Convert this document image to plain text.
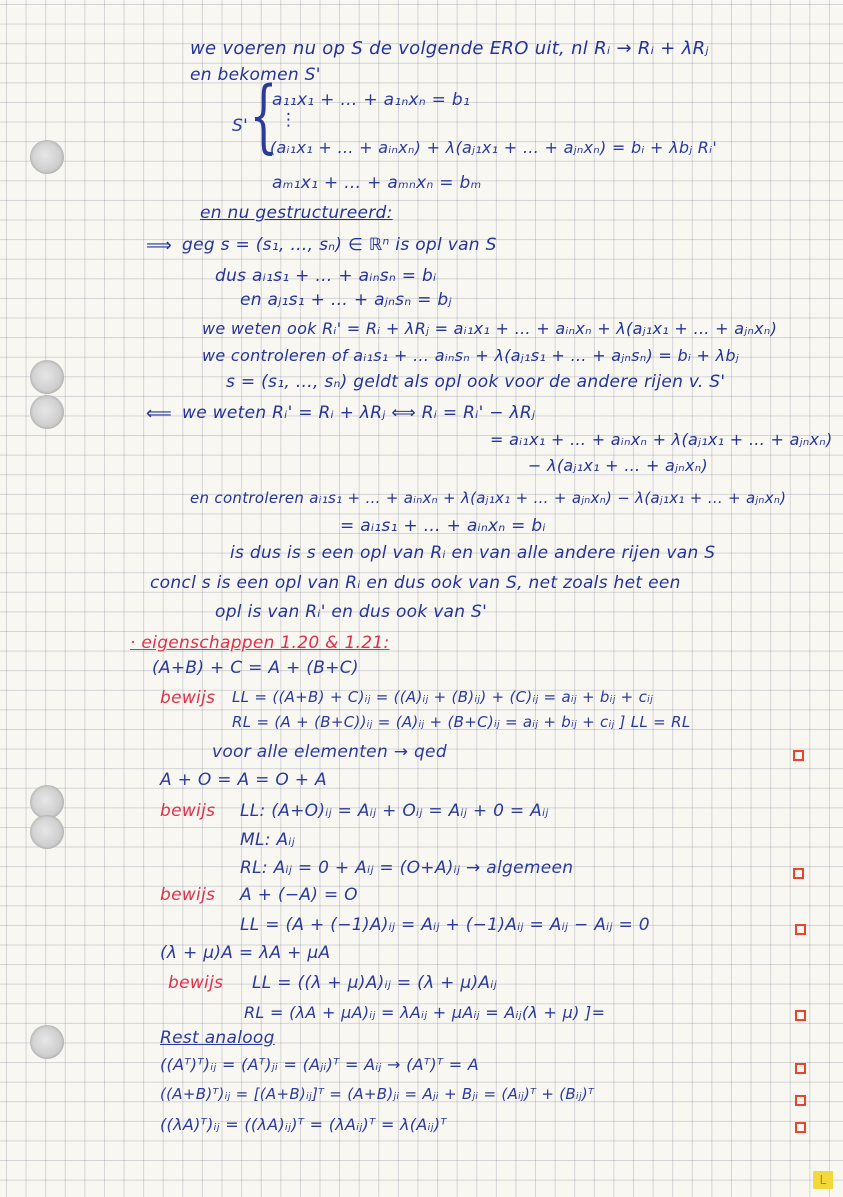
we voeren nu op S de volgende ERO uit, nl Rᵢ → Rᵢ + λRⱼ
en bekomen S'
S' {
a₁₁x₁ + … + a₁ₙxₙ = b₁
⋮
(aᵢ₁x₁ + … + aᵢₙxₙ) + λ(aⱼ₁x₁ + … + aⱼₙxₙ) = bᵢ + λbⱼ Rᵢ'
aₘ₁x₁ + … + aₘₙxₙ = bₘ
en nu gestructureerd:
⟹ geg s = (s₁, …, sₙ) ∈ ℝⁿ is opl van S
dus aᵢ₁s₁ + … + aᵢₙsₙ = bᵢ
en aⱼ₁s₁ + … + aⱼₙsₙ = bⱼ
we weten ook Rᵢ' = Rᵢ + λRⱼ = aᵢ₁x₁ + … + aᵢₙxₙ + λ(aⱼ₁x₁ + … + aⱼₙxₙ)
we controleren of aᵢ₁s₁ + … aᵢₙsₙ + λ(aⱼ₁s₁ + … + aⱼₙsₙ) = bᵢ + λbⱼ
s = (s₁, …, sₙ) geldt als opl ook voor de andere rijen v. S'
⟸ we weten Rᵢ' = Rᵢ + λRⱼ ⟺ Rᵢ = Rᵢ' − λRⱼ
= aᵢ₁x₁ + … + aᵢₙxₙ + λ(aⱼ₁x₁ + … + aⱼₙxₙ)
− λ(aⱼ₁x₁ + … + aⱼₙxₙ)
en controleren aᵢ₁s₁ + … + aᵢₙxₙ + λ(aⱼ₁x₁ + … + aⱼₙxₙ) − λ(aⱼ₁x₁ + … + aⱼₙxₙ)
= aᵢ₁s₁ + … + aᵢₙxₙ = bᵢ
is dus is s een opl van Rᵢ en van alle andere rijen van S
concl s is een opl van Rᵢ en dus ook van S, net zoals het een
opl is van Rᵢ' en dus ook van S'
· eigenschappen 1.20 & 1.21:
(A+B) + C = A + (B+C)
bewijs LL = ((A+B) + C)ᵢⱼ = ((A)ᵢⱼ + (B)ᵢⱼ) + (C)ᵢⱼ = aᵢⱼ + bᵢⱼ + cᵢⱼ
RL = (A + (B+C))ᵢⱼ = (A)ᵢⱼ + (B+C)ᵢⱼ = aᵢⱼ + bᵢⱼ + cᵢⱼ ] LL = RL
voor alle elementen → qed
A + O = A = O + A
bewijs LL: (A+O)ᵢⱼ = Aᵢⱼ + Oᵢⱼ = Aᵢⱼ + 0 = Aᵢⱼ
ML: Aᵢⱼ
RL: Aᵢⱼ = 0 + Aᵢⱼ = (O+A)ᵢⱼ → algemeen
bewijs A + (−A) = O
LL = (A + (−1)A)ᵢⱼ = Aᵢⱼ + (−1)Aᵢⱼ = Aᵢⱼ − Aᵢⱼ = 0
(λ + μ)A = λA + μA
bewijs LL = ((λ + μ)A)ᵢⱼ = (λ + μ)Aᵢⱼ
RL = (λA + μA)ᵢⱼ = λAᵢⱼ + μAᵢⱼ = Aᵢⱼ(λ + μ) ]=
Rest analoog
((Aᵀ)ᵀ)ᵢⱼ = (Aᵀ)ⱼᵢ = (Aⱼᵢ)ᵀ = Aᵢⱼ → (Aᵀ)ᵀ = A
((A+B)ᵀ)ᵢⱼ = [(A+B)ᵢⱼ]ᵀ = (A+B)ⱼᵢ = Aⱼᵢ + Bⱼᵢ = (Aᵢⱼ)ᵀ + (Bᵢⱼ)ᵀ
((λA)ᵀ)ᵢⱼ = ((λA)ᵢⱼ)ᵀ = (λAᵢⱼ)ᵀ = λ(Aᵢⱼ)ᵀ
L
